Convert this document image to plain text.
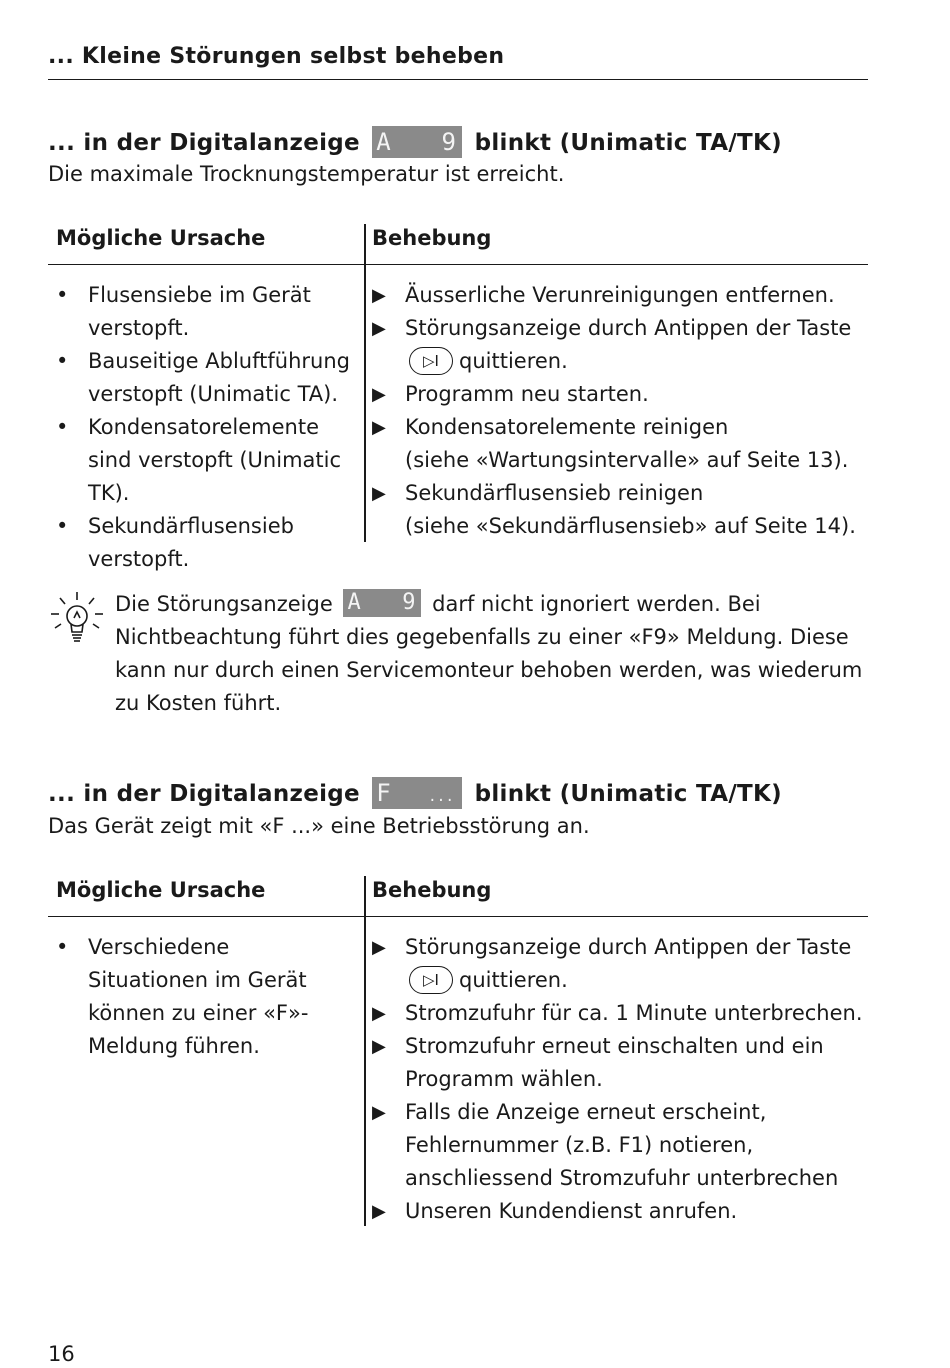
... Kleine Störungen selbst beheben
... in der Digitalanzeige A 9 blinkt (Unimatic TA/TK)
Die maximale Trocknungstemperatur ist erreicht.
Mögliche Ursache	Behebung
• Flusensiebe im Gerät verstopft.
• Bauseitige Abluftführung verstopft (Unimatic TA).
• Kondensatorelemente sind verstopft (Unimatic TK).
• Sekundärflusensieb verstopft.
▶ Äusserliche Verunreinigungen entfernen.
▶ Störungsanzeige durch Antippen der Taste
▷I quittieren.
▶ Programm neu starten.
▶ Kondensatorelemente reinigen
(siehe «Wartungsintervalle» auf Seite 13).
▶ Sekundärflusensieb reinigen
(siehe «Sekundärflusensieb» auf Seite 14).
Die Störungsanzeige A 9 darf nicht ignoriert werden. Bei Nichtbeachtung führt dies gegebenfalls zu einer «F9» Meldung. Diese kann nur durch einen Servicemonteur behoben werden, was wiederum zu Kosten führt.
... in der Digitalanzeige F	... blinkt (Unimatic TA/TK)
Das Gerät zeigt mit «F ...» eine Betriebsstörung an.
Mögliche Ursache	Behebung
• Verschiedene Situationen im Gerät können zu einer «F»-Meldung führen.
▶ Störungsanzeige durch Antippen der Taste
▷I quittieren.
▶ Stromzufuhr für ca. 1 Minute unterbrechen.
▶ Stromzufuhr erneut einschalten und ein Programm wählen.
▶ Falls die Anzeige erneut erscheint, Fehlernummer (z.B. F1) notieren, anschliessend Stromzufuhr unterbrechen
▶ Unseren Kundendienst anrufen.
16
